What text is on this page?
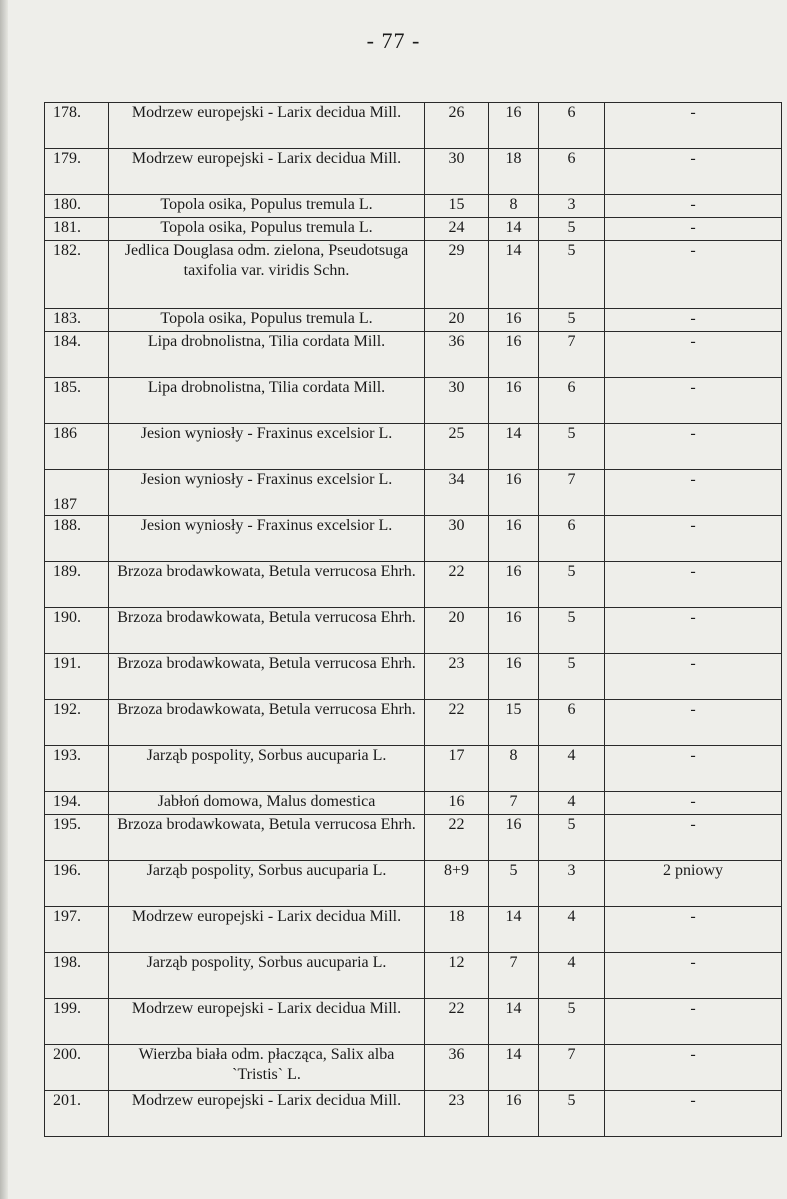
- 77 -
178.	Modrzew europejski - Larix decidua Mill.	26	16	6	-
179.	Modrzew europejski - Larix decidua Mill.	30	18	6	-
180.	Topola osika, Populus tremula L.	15	8	3	-
181.	Topola osika, Populus tremula L.	24	14	5	-
182.	Jedlica Douglasa odm. zielona, Pseudotsuga taxifolia var. viridis Schn.	29	14	5	-
183.	Topola osika, Populus tremula L.	20	16	5	-
184.	Lipa drobnolistna, Tilia cordata Mill.	36	16	7	-
185.	Lipa drobnolistna, Tilia cordata Mill.	30	16	6	-
186	Jesion wyniosły - Fraxinus excelsior L.	25	14	5	-
187	Jesion wyniosły - Fraxinus excelsior L.	34	16	7	-
188.	Jesion wyniosły - Fraxinus excelsior L.	30	16	6	-
189.	Brzoza brodawkowata, Betula verrucosa Ehrh.	22	16	5	-
190.	Brzoza brodawkowata, Betula verrucosa Ehrh.	20	16	5	-
191.	Brzoza brodawkowata, Betula verrucosa Ehrh.	23	16	5	-
192.	Brzoza brodawkowata, Betula verrucosa Ehrh.	22	15	6	-
193.	Jarząb pospolity, Sorbus aucuparia L.	17	8	4	-
194.	Jabłoń domowa, Malus domestica	16	7	4	-
195.	Brzoza brodawkowata, Betula verrucosa Ehrh.	22	16	5	-
196.	Jarząb pospolity, Sorbus aucuparia L.	8+9	5	3	2 pniowy
197.	Modrzew europejski - Larix decidua Mill.	18	14	4	-
198.	Jarząb pospolity, Sorbus aucuparia L.	12	7	4	-
199.	Modrzew europejski - Larix decidua Mill.	22	14	5	-
200.	Wierzba biała odm. płacząca, Salix alba `Tristis` L.	36	14	7	-
201.	Modrzew europejski - Larix decidua Mill.	23	16	5	-
